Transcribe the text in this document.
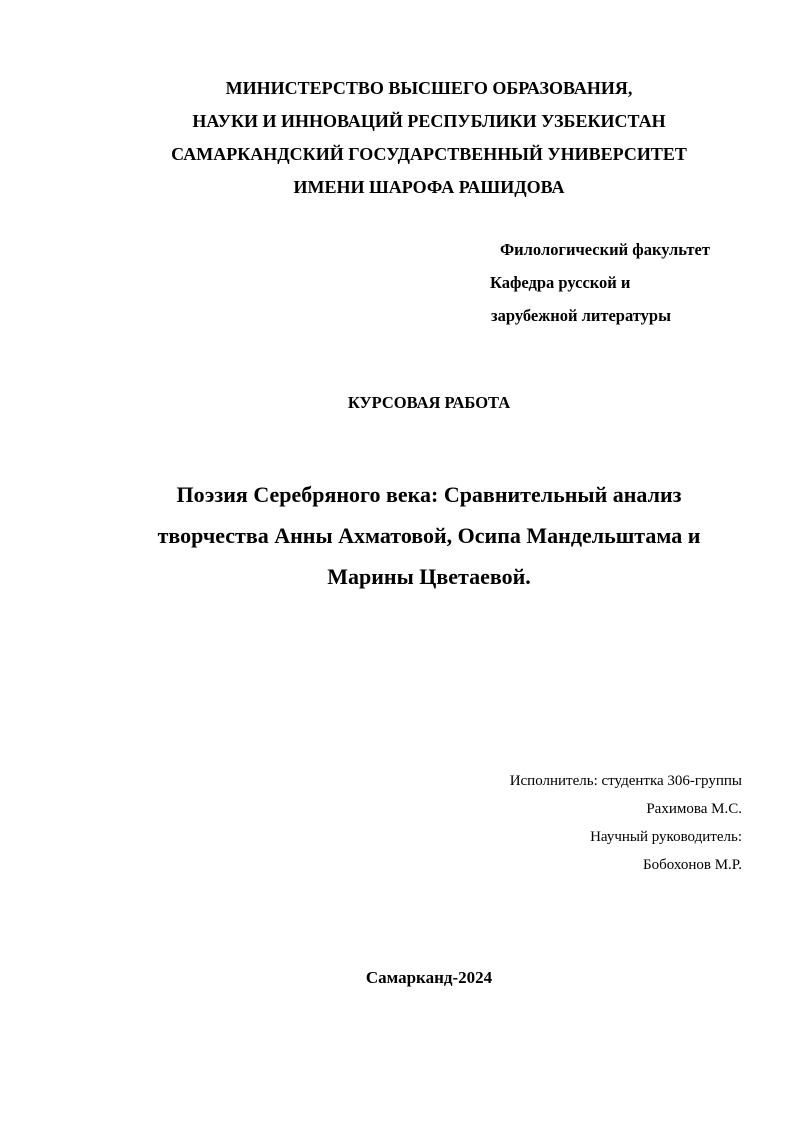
МИНИСТЕРСТВО ВЫСШЕГО ОБРАЗОВАНИЯ,

НАУКИ И ИННОВАЦИЙ РЕСПУБЛИКИ УЗБЕКИСТАН

САМАРКАНДСКИЙ ГОСУДАРСТВЕННЫЙ УНИВЕРСИТЕТ

ИМЕНИ ШАРОФА РАШИДОВА

Филологический факультет

Кафедра русской и

зарубежной литературы

КУРСОВАЯ РАБОТА

Поэзия Серебряного века: Сравнительный анализ

творчества Анны Ахматовой, Осипа Мандельштама и

Марины Цветаевой.

Исполнитель: студентка 306-группы

Рахимова М.С.

Научный руководитель:

Бобохонов М.Р.

Самарканд-2024
